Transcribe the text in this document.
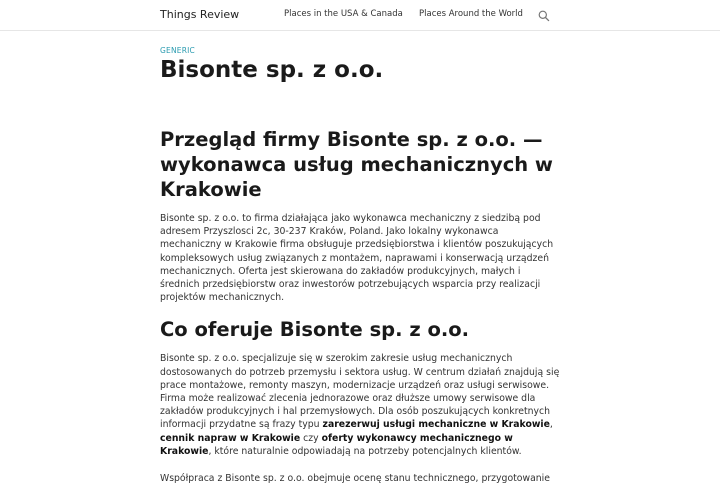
Things Review	Places in the USA & Canada Places Around the World
GENERIC
Bisonte sp. z o.o.
Przegląd firmy Bisonte sp. z o.o. — wykonawca usług mechanicznych w Krakowie

Bisonte sp. z o.o. to firma działająca jako wykonawca mechaniczny z siedzibą pod adresem Przyszlosci 2c, 30-237 Kraków, Poland. Jako lokalny wykonawca mechaniczny w Krakowie firma obsługuje przedsiębiorstwa i klientów poszukujących kompleksowych usług związanych z montażem, naprawami i konserwacją urządzeń mechanicznych. Oferta jest skierowana do zakładów produkcyjnych, małych i średnich przedsiębiorstw oraz inwestorów potrzebujących wsparcia przy realizacji projektów mechanicznych.

Co oferuje Bisonte sp. z o.o.

Bisonte sp. z o.o. specjalizuje się w szerokim zakresie usług mechanicznych dostosowanych do potrzeb przemysłu i sektora usług. W centrum działań znajdują się prace montażowe, remonty maszyn, modernizacje urządzeń oraz usługi serwisowe. Firma może realizować zlecenia jednorazowe oraz dłuższe umowy serwisowe dla zakładów produkcyjnych i hal przemysłowych. Dla osób poszukujących konkretnych informacji przydatne są frazy typu zarezerwuj usługi mechaniczne w Krakowie, cennik napraw w Krakowie czy oferty wykonawcy mechanicznego w Krakowie, które naturalnie odpowiadają na potrzeby potencjalnych klientów.

Współpraca z Bisonte sp. z o.o. obejmuje ocenę stanu technicznego, przygotowanie
